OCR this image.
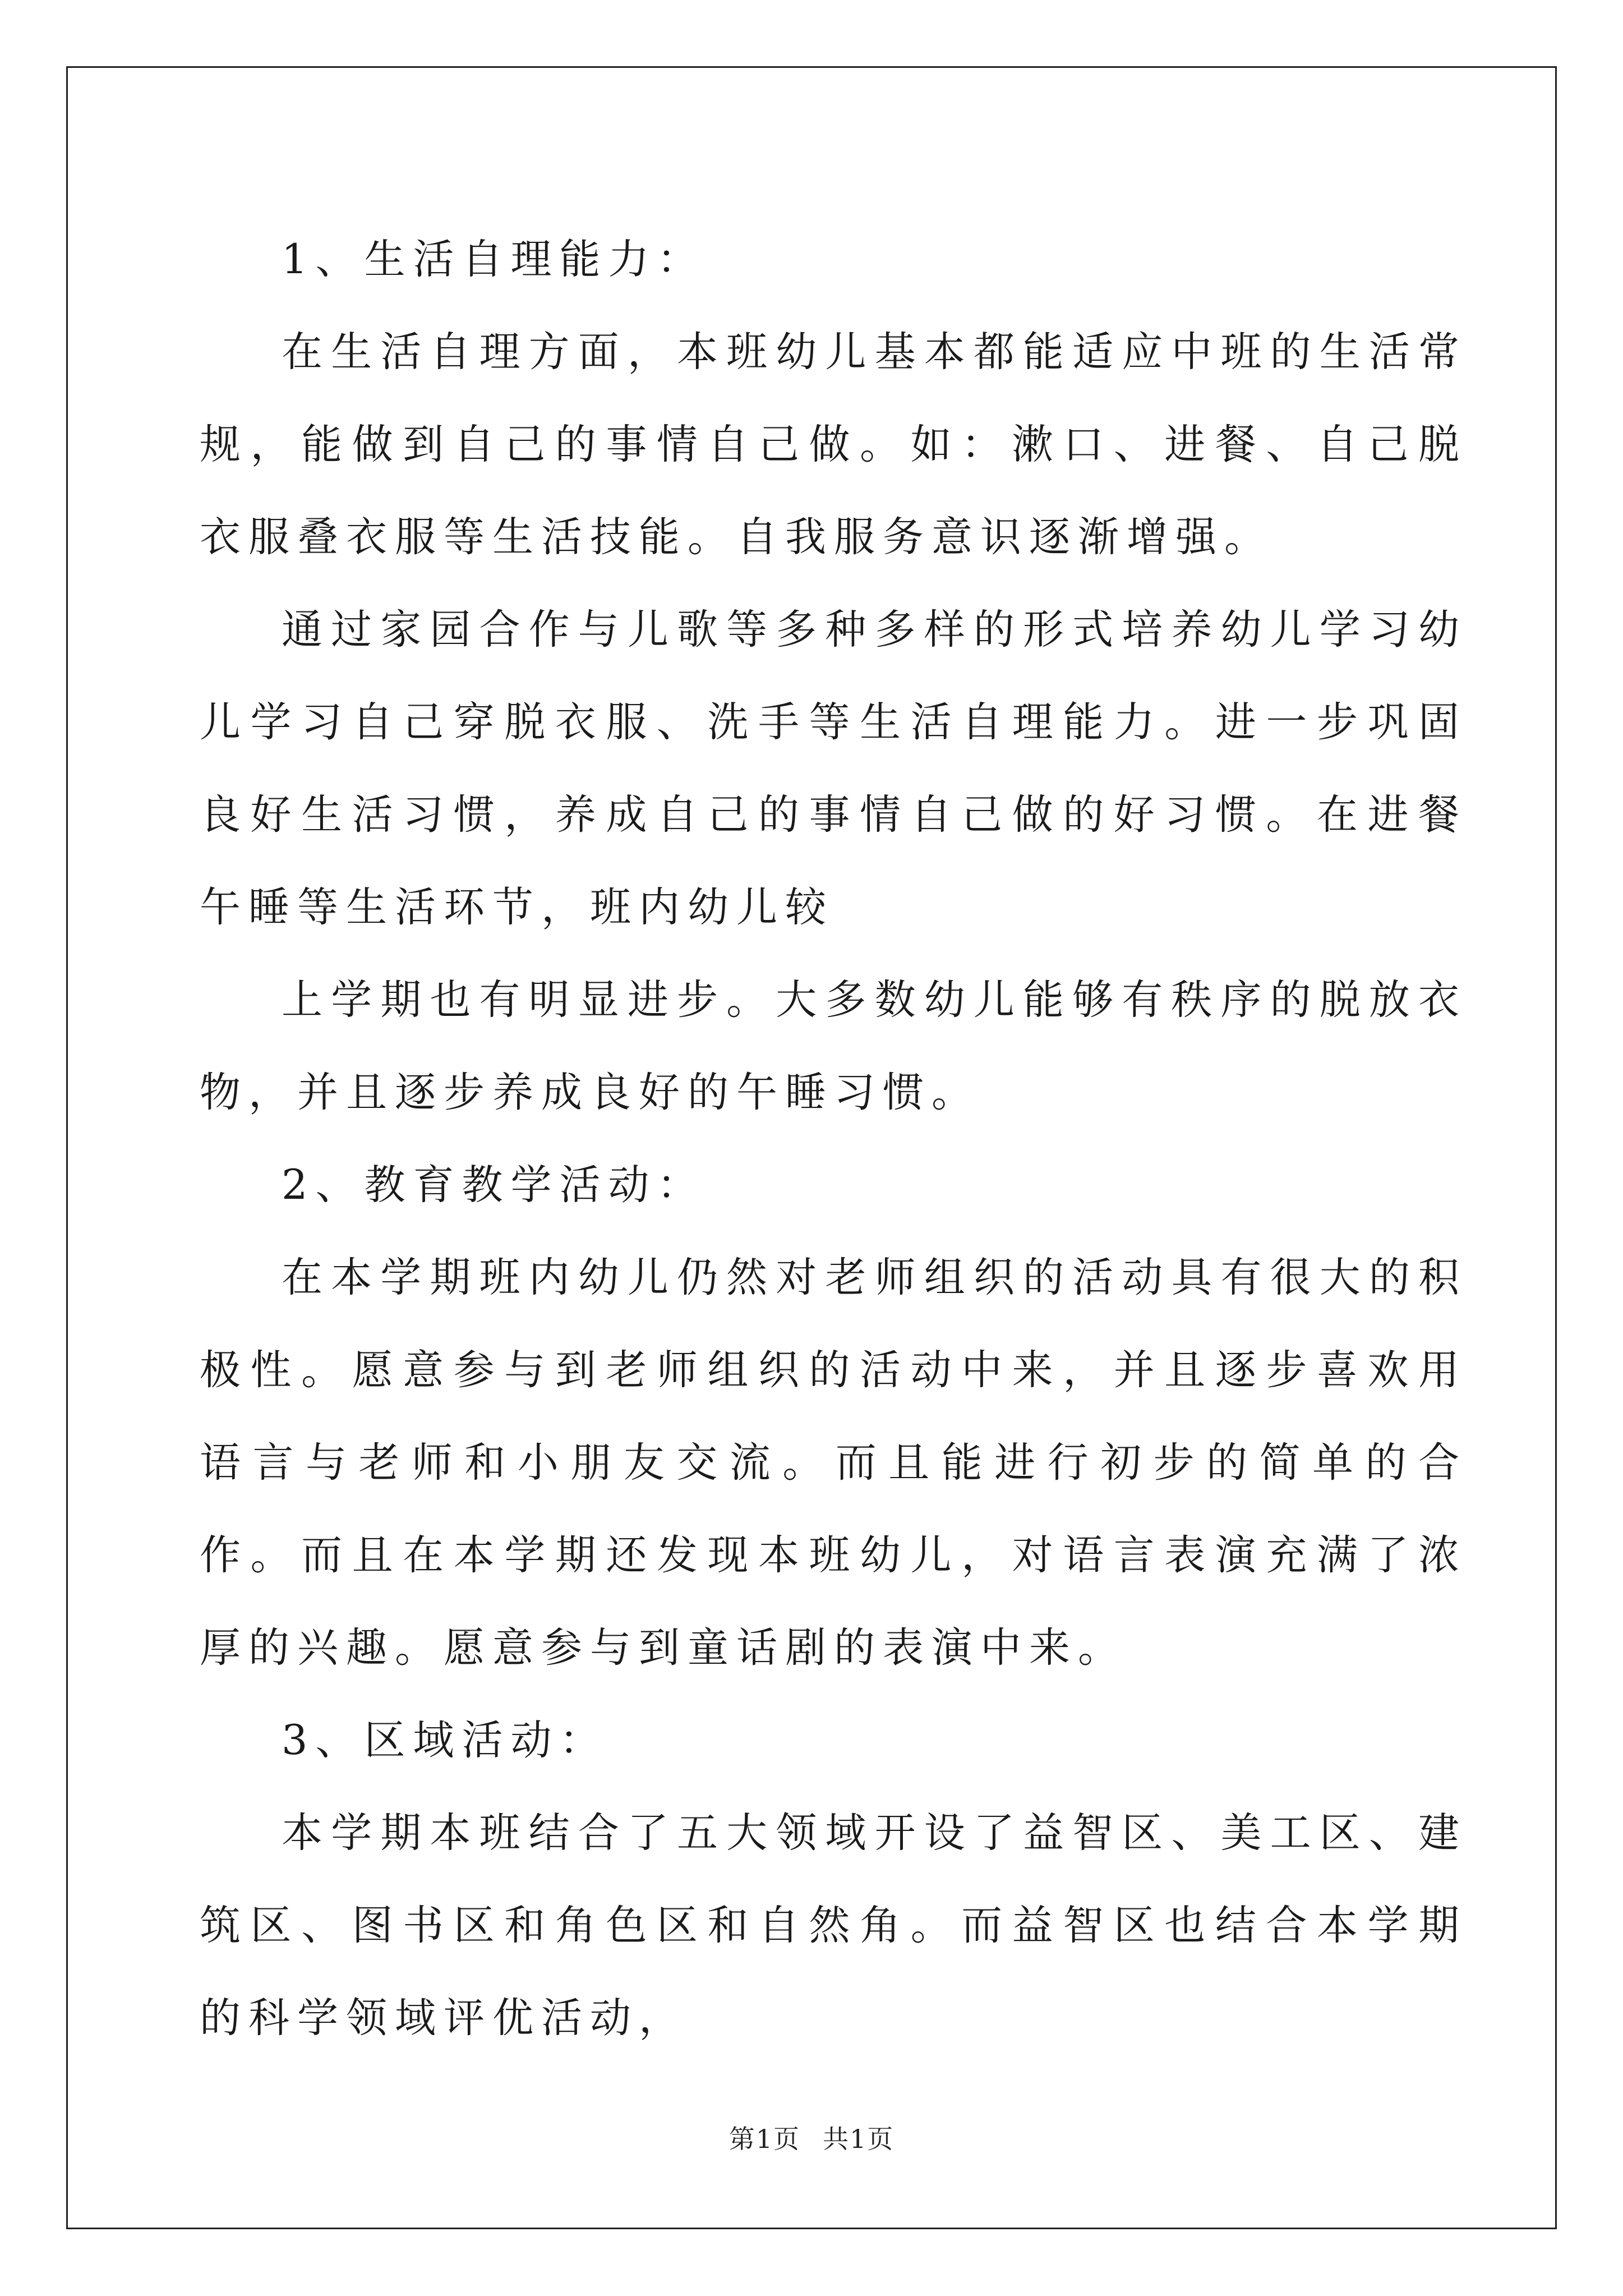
1、生活自理能力：

在生活自理方面，本班幼儿基本都能适应中班的生活常规，能做到自己的事情自己做。如：漱口、进餐、自己脱衣服叠衣服等生活技能。自我服务意识逐渐增强。

通过家园合作与儿歌等多种多样的形式培养幼儿学习幼儿学习自己穿脱衣服、洗手等生活自理能力。进一步巩固良好生活习惯，养成自己的事情自己做的好习惯。在进餐午睡等生活环节，班内幼儿较

上学期也有明显进步。大多数幼儿能够有秩序的脱放衣物，并且逐步养成良好的午睡习惯。

2、教育教学活动：

在本学期班内幼儿仍然对老师组织的活动具有很大的积极性。愿意参与到老师组织的活动中来，并且逐步喜欢用语言与老师和小朋友交流。而且能进行初步的简单的合作。而且在本学期还发现本班幼儿，对语言表演充满了浓厚的兴趣。愿意参与到童话剧的表演中来。

3、区域活动：

本学期本班结合了五大领域开设了益智区、美工区、建筑区、图书区和角色区和自然角。而益智区也结合本学期的科学领域评优活动，

第1页 共1页
